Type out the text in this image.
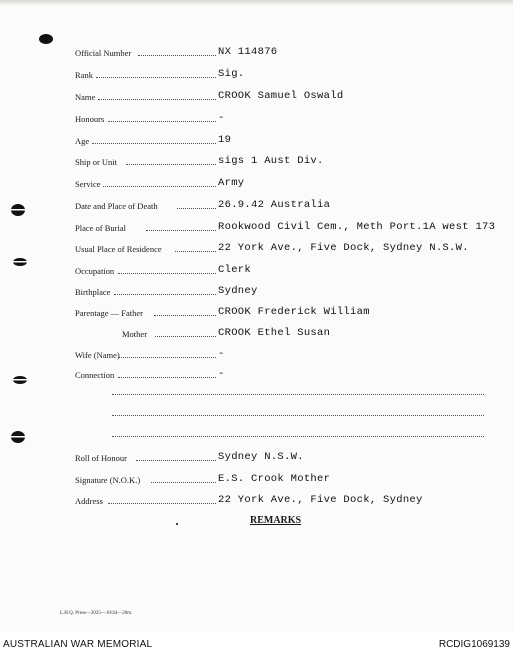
Official Number	NX 114876
Rank	Sig.
Name	CROOK Samuel Oswald
Honours	-
Age	19
Ship or Unit	sigs 1 Aust Div.
Service	Army
Date and Place of Death	26.9.42 Australia
Place of Burial	Rookwood Civil Cem., Meth Port.1A west 173
Usual Place of Residence	22 York Ave., Five Dock, Sydney N.S.W.
Occupation	Clerk
Birthplace	Sydney
Parentage — Father	CROOK Frederick William
Mother	CROOK Ethel Susan
Wife (Name)	-
Connection	-
Roll of Honour	Sydney N.S.W.
Signature (N.O.K.)	E.S. Crook Mother
Address	22 York Ave., Five Dock, Sydney
REMARKS
L.H.Q. Press—2025—10/44—20m.
AUSTRALIAN WAR MEMORIAL	RCDIG1069139
